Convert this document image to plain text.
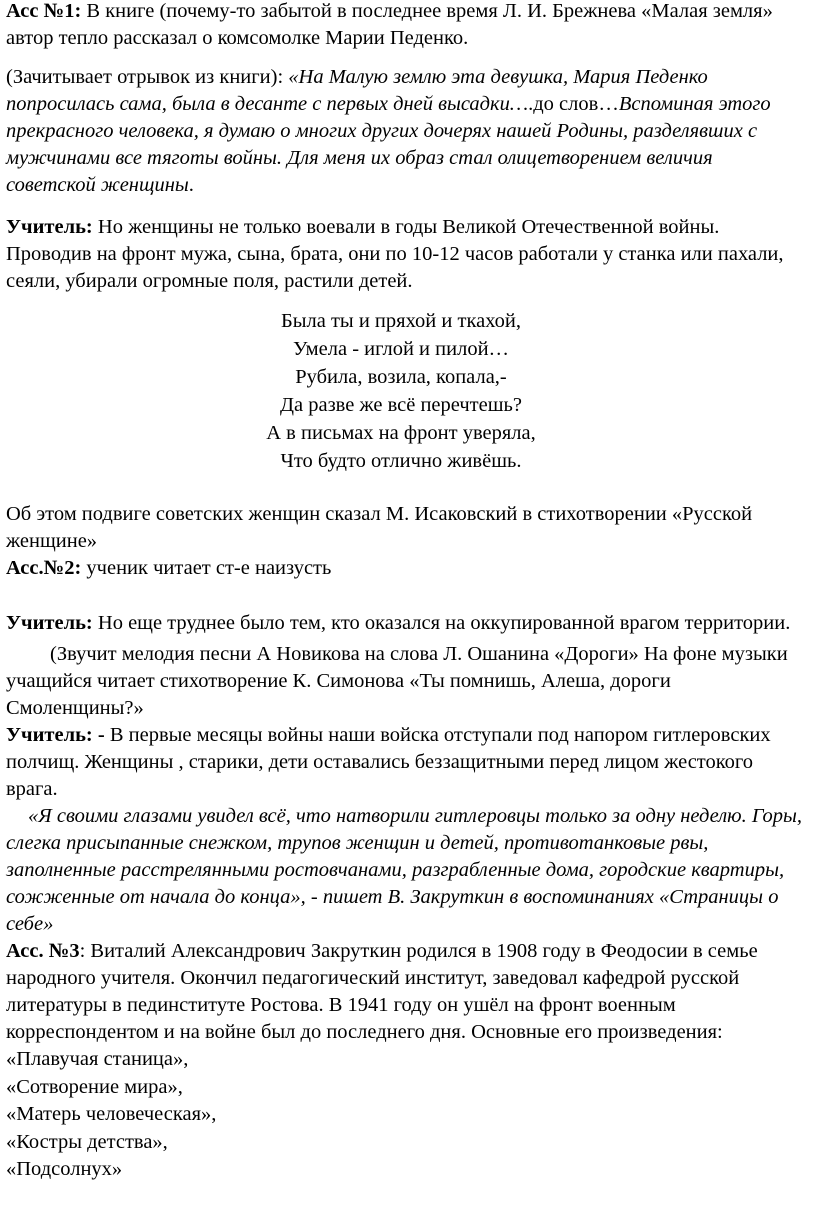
Асс №1: В книге (почему-то забытой в последнее время Л. И. Брежнева «Малая земля» автор тепло рассказал о комсомолке Марии Педенко.

(Зачитывает отрывок из книги): «На Малую землю эта девушка, Мария Педенко попросилась сама, была в десанте с первых дней высадки….до слов…Вспоминая этого прекрасного человека, я думаю о многих других дочерях нашей Родины, разделявших с мужчинами все тяготы войны. Для меня их образ стал олицетворением величия советской женщины.

Учитель: Но женщины не только воевали в годы Великой Отечественной войны. Проводив на фронт мужа, сына, брата, они по 10-12 часов работали у станка или пахали, сеяли, убирали огромные поля, растили детей.

Была ты и пряхой и ткахой,

Умела - иглой и пилой…

Рубила, возила, копала,-

Да разве же всё перечтешь?

А в письмах на фронт уверяла,

Что будто отлично живёшь.

Об этом подвиге советских женщин сказал М. Исаковский в стихотворении «Русской женщине»

Асс.№2: ученик читает ст-е наизусть

Учитель: Но еще труднее было тем, кто оказался на оккупированной врагом территории.

(Звучит мелодия песни А Новикова на слова Л. Ошанина «Дороги» На фоне музыки учащийся читает стихотворение К. Симонова «Ты помнишь, Алеша, дороги Смоленщины?»

Учитель: - В первые месяцы войны наши войска отступали под напором гитлеровских полчищ. Женщины , старики, дети оставались беззащитными перед лицом жестокого врага.

«Я своими глазами увидел всё, что натворили гитлеровцы только за одну неделю. Горы, слегка присыпанные снежком, трупов женщин и детей, противотанковые рвы, заполненные расстрелянными ростовчанами, разграбленные дома, городские квартиры, сожженные от начала до конца», - пишет В. Закруткин в воспоминаниях «Страницы о себе»

Асс. №3: Виталий Александрович Закруткин родился в 1908 году в Феодосии в семье народного учителя. Окончил педагогический институт, заведовал кафедрой русской литературы в пединституте Ростова. В 1941 году он ушёл на фронт военным корреспондентом и на войне был до последнего дня. Основные его произведения:

«Плавучая станица»,

«Сотворение мира»,

«Матерь человеческая»,

«Костры детства»,

«Подсолнух»
